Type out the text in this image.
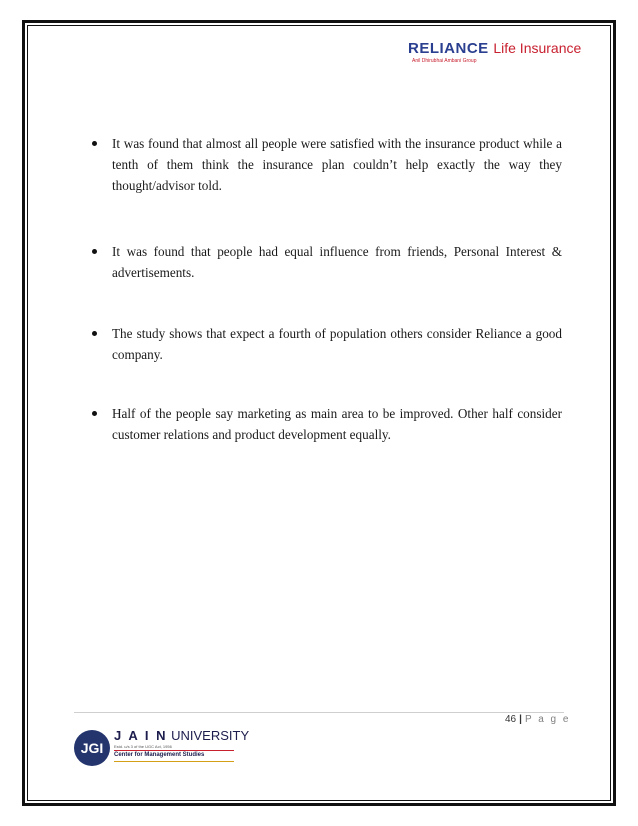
RELIANCE Life Insurance
Anil Dhirubhai Ambani Group
It was found that almost all people were satisfied with the insurance product while a tenth of them think the insurance plan couldn’t help exactly the way they thought/advisor told.
It was found that people had equal influence from friends, Personal Interest & advertisements.
The study shows that expect a fourth of population others consider Reliance a good company.
Half of the people say marketing as main area to be improved. Other half consider customer relations and product development equally.
46 | P a g e
JGI
J A I N UNIVERSITY
Estd. u/s 3 of the UGC Act, 1956
Center for Management Studies
